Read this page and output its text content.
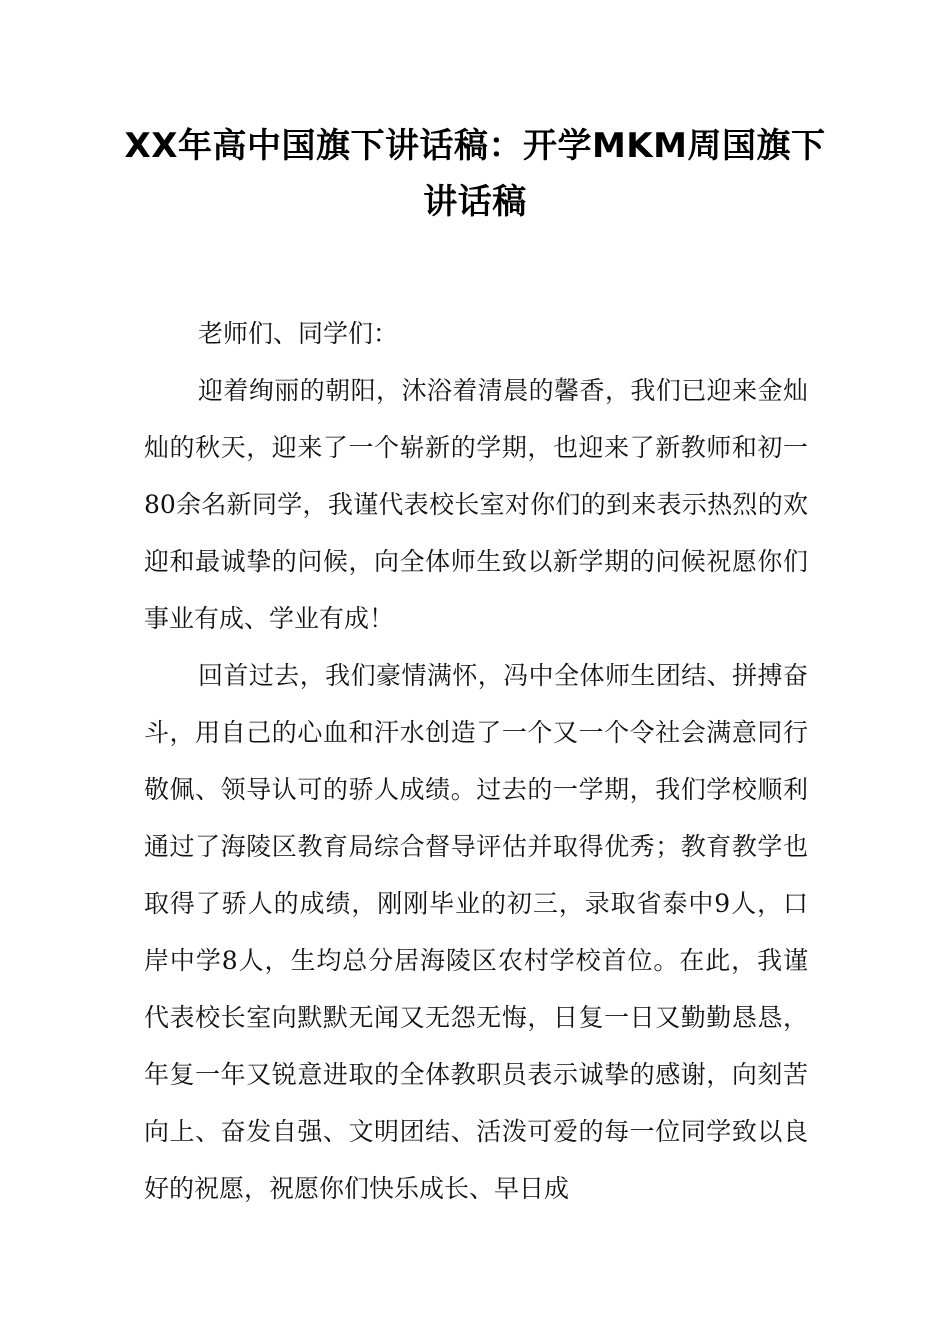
XX年高中国旗下讲话稿：开学MKM周国旗下讲话稿

老师们、同学们：

迎着绚丽的朝阳，沐浴着清晨的馨香，我们已迎来金灿灿的秋天，迎来了一个崭新的学期，也迎来了新教师和初一80余名新同学，我谨代表校长室对你们的到来表示热烈的欢迎和最诚挚的问候，向全体师生致以新学期的问候祝愿你们事业有成、学业有成！

回首过去，我们豪情满怀，冯中全体师生团结、拼搏奋斗，用自己的心血和汗水创造了一个又一个令社会满意同行敬佩、领导认可的骄人成绩。过去的一学期，我们学校顺利通过了海陵区教育局综合督导评估并取得优秀；教育教学也取得了骄人的成绩，刚刚毕业的初三，录取省泰中9人，口岸中学8人，生均总分居海陵区农村学校首位。在此，我谨代表校长室向默默无闻又无怨无悔，日复一日又勤勤恳恳，年复一年又锐意进取的全体教职员表示诚挚的感谢，向刻苦向上、奋发自强、文明团结、活泼可爱的每一位同学致以良好的祝愿，祝愿你们快乐成长、早日成
